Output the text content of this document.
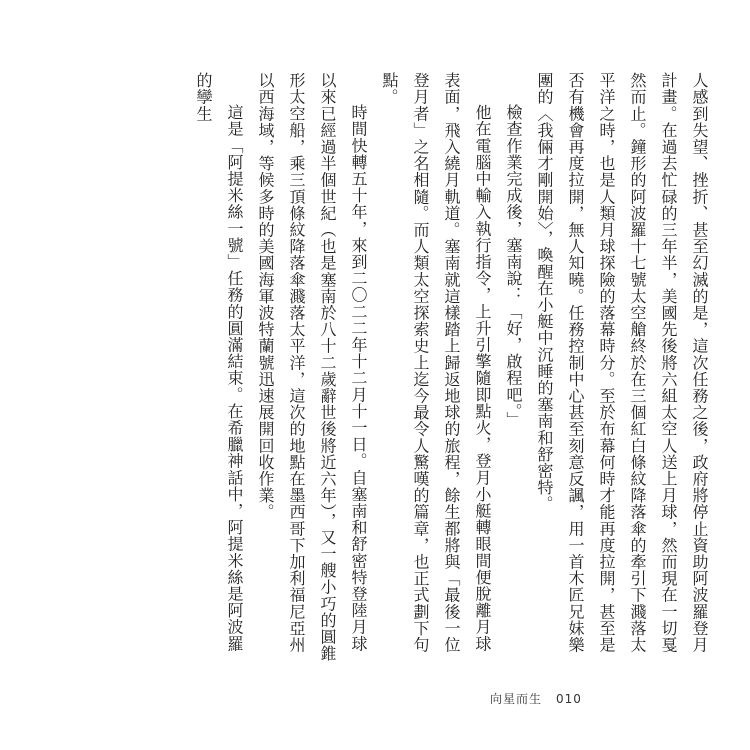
人感到失望、挫折、甚至幻滅的是，這次任務之後，政府將停止資助阿波羅登月計畫。在過去忙碌的三年半，美國先後將六組太空人送上月球，然而現在一切戛然而止。鐘形的阿波羅十七號太空艙終於在三個紅白條紋降落傘的牽引下濺落太平洋之時，也是人類月球探險的落幕時分。至於布幕何時才能再度拉開，甚至是否有機會再度拉開，無人知曉。任務控制中心甚至刻意反諷，用一首木匠兄妹樂團的〈我倆才剛開始〉，喚醒在小艇中沉睡的塞南和舒密特。

檢查作業完成後，塞南說：「好，啟程吧。」

他在電腦中輸入執行指令，上升引擎隨即點火，登月小艇轉眼間便脫離月球表面，飛入繞月軌道。塞南就這樣踏上歸返地球的旅程，餘生都將與「最後一位登月者」之名相隨。而人類太空探索史上迄今最令人驚嘆的篇章，也正式劃下句點。

時間快轉五十年，來到二〇二二年十二月十一日。自塞南和舒密特登陸月球以來已經過半個世紀（也是塞南於八十二歲辭世後將近六年），又一艘小巧的圓錐形太空船，乘三頂條紋降落傘濺落太平洋，這次的地點在墨西哥下加利福尼亞州以西海域，等候多時的美國海軍波特蘭號迅速展開回收作業。

這是「阿提米絲一號」任務的圓滿結束。在希臘神話中，阿提米絲是阿波羅的孿生

向星而生 010
